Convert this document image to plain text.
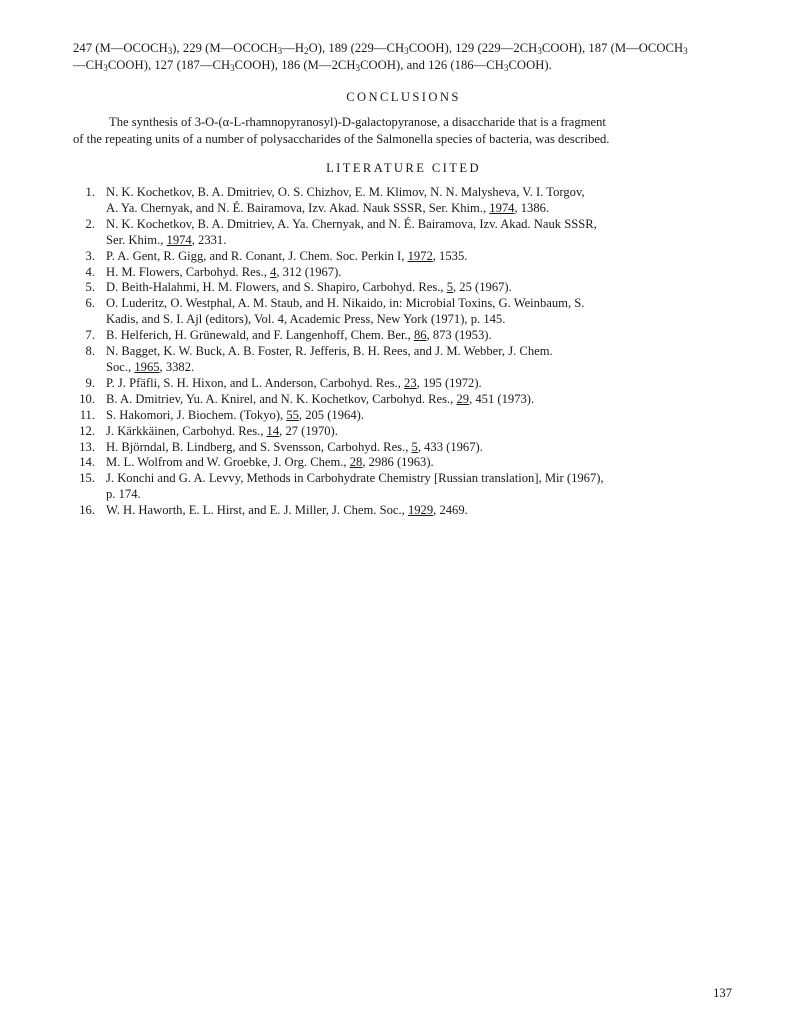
247 $(M—OCOCH_3)$, 229 $(M—OCOCH_3—H_2O)$, 189 $(229—CH_3COOH)$, 129 $(229—2CH_3COOH)$, 187 ($M—OCOCH_3$
$—CH_3COOH$), 127 $(187—CH_3COOH)$, 186 $(M—2CH_3COOH)$, and 126 $(186—CH_3COOH)$.
CONCLUSIONS
The synthesis of 3-O-(α-L-rhamnopyranosyl)-D-galactopyranose, a disaccharide that is a fragment
of the repeating units of a number of polysaccharides of the Salmonella species of bacteria, was described.
LITERATURE CITED
1. N. K. Kochetkov, B. A. Dmitriev, O. S. Chizhov, E. M. Klimov, N. N. Malysheva, V. I. Torgov,
A. Ya. Chernyak, and N. É. Bairamova, Izv. Akad. Nauk SSSR, Ser. Khim., 1974, 1386.
2. N. K. Kochetkov, B. A. Dmitriev, A. Ya. Chernyak, and N. É. Bairamova, Izv. Akad. Nauk SSSR,
Ser. Khim., 1974, 2331.
3. P. A. Gent, R. Gigg, and R. Conant, J. Chem. Soc. Perkin I, 1972, 1535.
4. H. M. Flowers, Carbohyd. Res., 4, 312 (1967).
5. D. Beith-Halahmi, H. M. Flowers, and S. Shapiro, Carbohyd. Res., 5, 25 (1967).
6. O. Luderitz, O. Westphal, A. M. Staub, and H. Nikaido, in: Microbial Toxins, G. Weinbaum, S.
Kadis, and S. I. Ajl (editors), Vol. 4, Academic Press, New York (1971), p. 145.
7. B. Helferich, H. Grünewald, and F. Langenhoff, Chem. Ber., 86, 873 (1953).
8. N. Bagget, K. W. Buck, A. B. Foster, R. Jefferis, B. H. Rees, and J. M. Webber, J. Chem.
Soc., 1965, 3382.
9. P. J. Pfäfli, S. H. Hixon, and L. Anderson, Carbohyd. Res., 23, 195 (1972).
10. B. A. Dmitriev, Yu. A. Knirel, and N. K. Kochetkov, Carbohyd. Res., 29, 451 (1973).
11. S. Hakomori, J. Biochem. (Tokyo), 55, 205 (1964).
12. J. Kärkkäinen, Carbohyd. Res., 14, 27 (1970).
13. H. Björndal, B. Lindberg, and S. Svensson, Carbohyd. Res., 5, 433 (1967).
14. M. L. Wolfrom and W. Groebke, J. Org. Chem., 28, 2986 (1963).
15. J. Konchi and G. A. Levvy, Methods in Carbohydrate Chemistry [Russian translation], Mir (1967),
p. 174.
16. W. H. Haworth, E. L. Hirst, and E. J. Miller, J. Chem. Soc., 1929, 2469.
137
